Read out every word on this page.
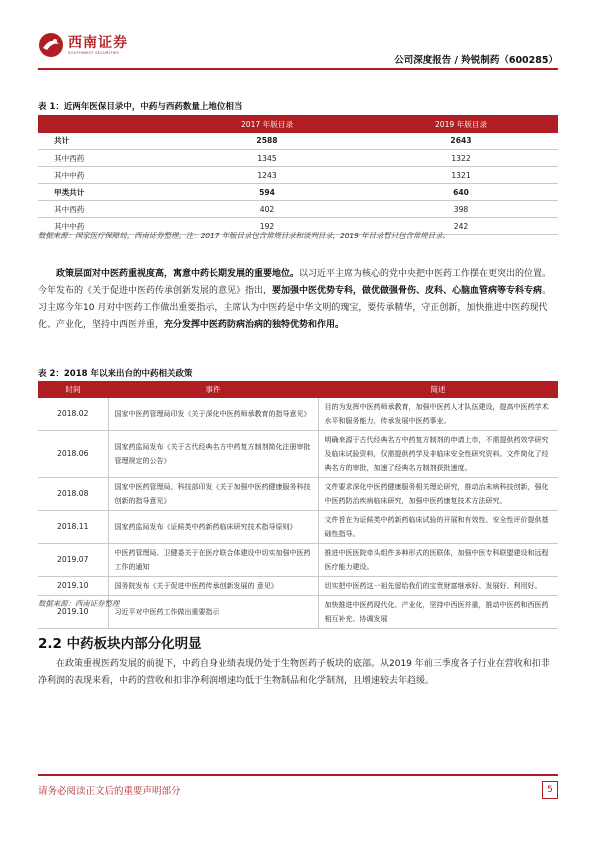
西南证券
SOUTHWEST SECURITIES
公司深度报告 / 羚锐制药（600285）
表 1：近两年医保目录中，中药与西药数量上地位相当
	2017 年版目录	2019 年版目录
共计	2588	2643
其中西药	1345	1322
其中中药	1243	1321
甲类共计	594	640
其中西药	402	398
其中中药	192	242
数据来源：国家医疗保障局，西南证券整理。注：2017 年版目录包含常规目录和谈判目录，2019 年目录暂只包含常规目录。
政策层面对中医药重视度高，寓意中药长期发展的重要地位。以习近平主席为核心的党中央把中医药工作摆在更突出的位置。今年发布的《关于促进中医药传承创新发展的意见》指出，要加强中医优势专科，做优做强骨伤、皮科、心脑血管病等专科专病。习主席今年10 月对中医药工作做出重要指示，主席认为中医药是中华文明的瑰宝，要传承精华，守正创新，加快推进中医药现代化、产业化，坚持中西医并重，充分发挥中医药防病治病的独特优势和作用。
表 2：2018 年以来出台的中药相关政策
时间	事件	简述
2018.02	国家中医药管理局印发《关于深化中医药师承教育的指导意见》	目的为发挥中医药师承教育，加强中医药人才队伍建设，提高中医药学术水平和服务能力，传承发展中医药事业。
2018.06	国家药监局发布《关于古代经典名方中药复方制剂简化注册审批管理规定的公告》	明确来源于古代经典名方中药复方制剂的申请上市，不需提供药效学研究及临床试验资料，仅需提供药学及非临床安全性研究资料。文件简化了经典名方的审批，加速了经典名方制剂获批速度。
2018.08	国家中医药管理局、科技部印发《关于加强中医药健康服务科技创新的指导意见》	文件要求深化中医药健康服务相关理论研究，推动治未病科技创新，强化中医药防治疾病临床研究，加强中医药康复技术方法研究。
2018.11	国家药监局发布《证候类中药新药临床研究技术指导原则》	文件旨在为证候类中药新药临床试验的开展和有效性、安全性评价提供基础性指导。
2019.07	中医药管理局、卫健委关于在医疗联合体建设中切实加强中医药工作的通知	推进中医医院牵头组件多种形式的医联体，加强中医专科联盟建设和远程医疗能力建设。
2019.10	国务院发布《关于促进中医药传承创新发展的 意见》	切实把中医药这一祖先留给我们的宝贵财富继承好、发展好、利用好。
2019.10	习近平对中医药工作做出重要指示	加快推进中医药现代化、产业化，坚持中西医并重，推动中医药和西医药相互补充、协调发展
数据来源：西南证券整理
2.2 中药板块内部分化明显
在政策重视医药发展的前提下，中药自身业绩表现仍处于生物医药子板块的底部。从2019 年前三季度各子行业在营收和扣非净利润的表现来看，中药的营收和扣非净利润增速均低于生物制品和化学制剂，且增速较去年趋缓。
请务必阅读正文后的重要声明部分	5
